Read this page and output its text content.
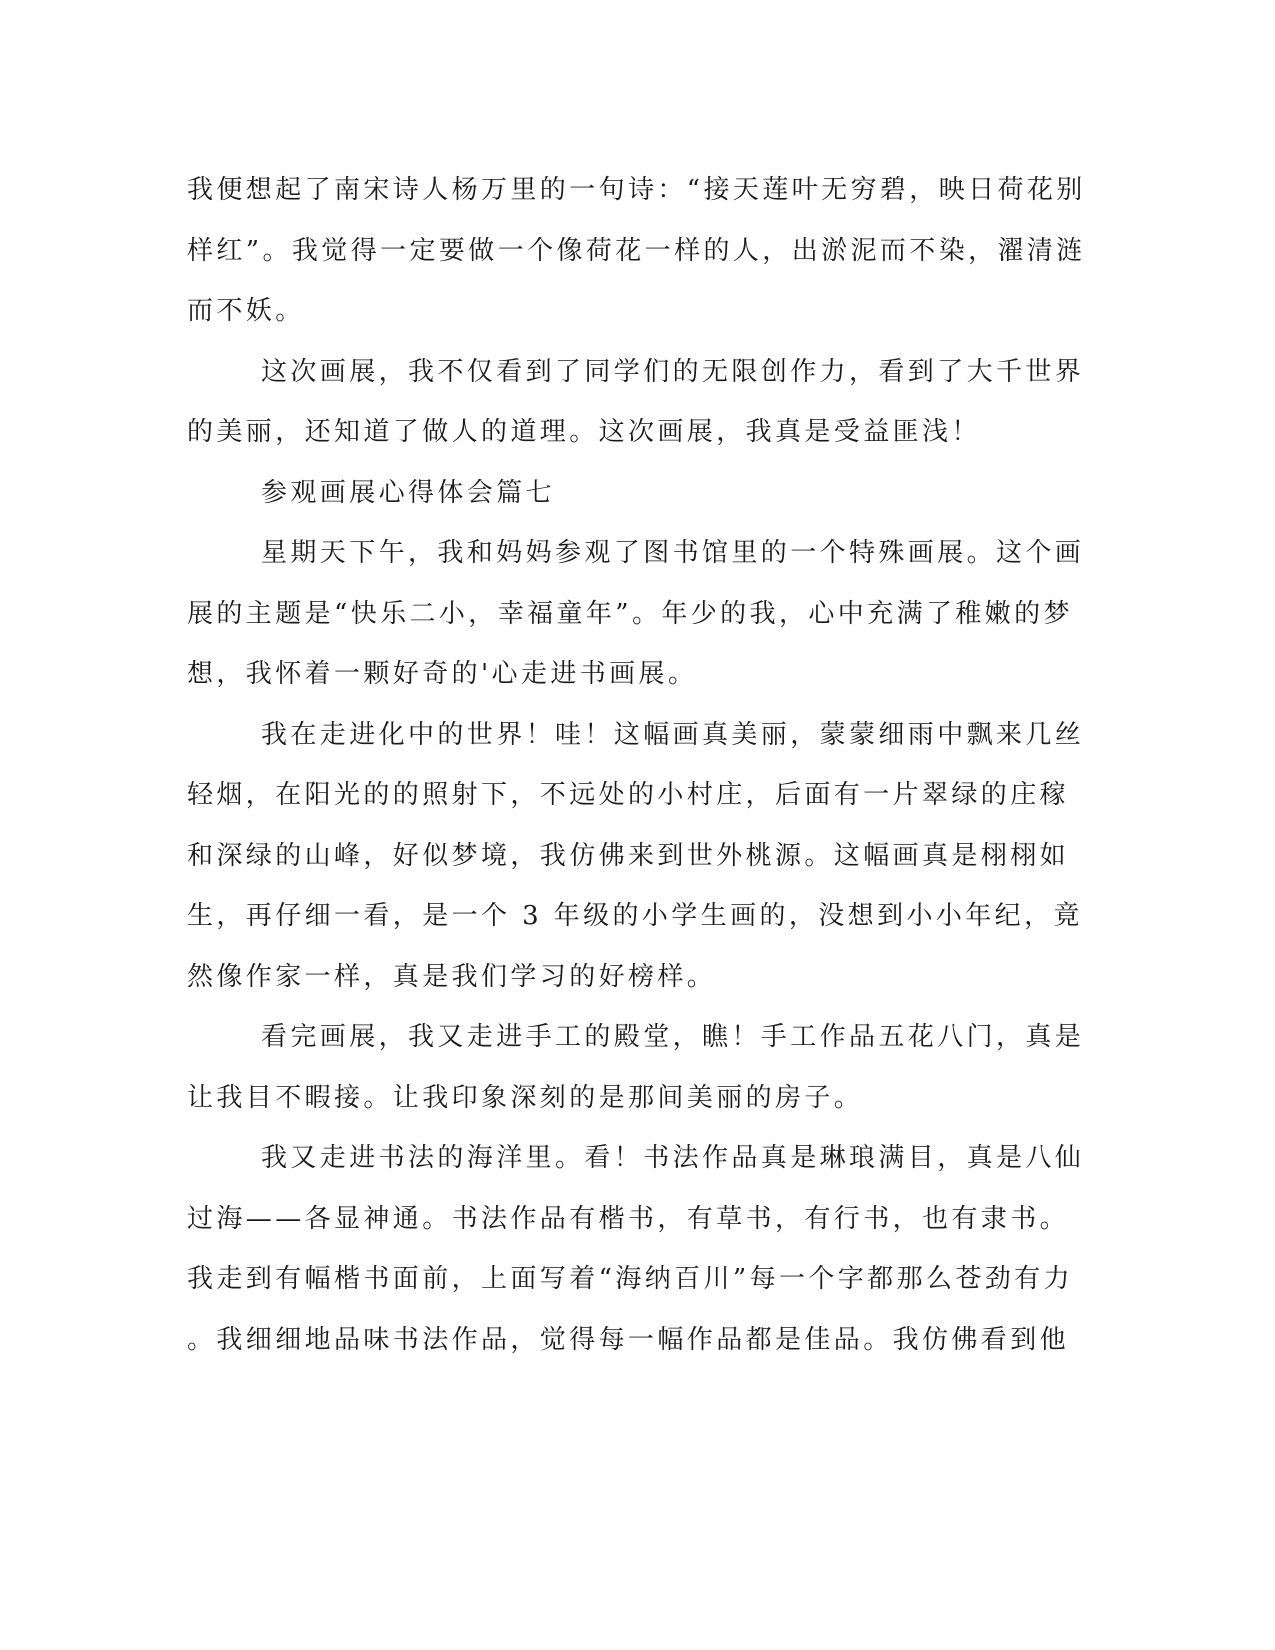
我便想起了南宋诗人杨万里的一句诗：“接天莲叶无穷碧，映日荷花别
样红”。我觉得一定要做一个像荷花一样的人，出淤泥而不染，濯清涟
而不妖。
这次画展，我不仅看到了同学们的无限创作力，看到了大千世界
的美丽，还知道了做人的道理。这次画展，我真是受益匪浅！
参观画展心得体会篇七
星期天下午，我和妈妈参观了图书馆里的一个特殊画展。这个画
展的主题是“快乐二小，幸福童年”。年少的我，心中充满了稚嫩的梦
想，我怀着一颗好奇的'心走进书画展。
我在走进化中的世界！哇！这幅画真美丽，蒙蒙细雨中飘来几丝
轻烟，在阳光的的照射下，不远处的小村庄，后面有一片翠绿的庄稼
和深绿的山峰，好似梦境，我仿佛来到世外桃源。这幅画真是栩栩如
生，再仔细一看，是一个 3 年级的小学生画的，没想到小小年纪，竟
然像作家一样，真是我们学习的好榜样。
看完画展，我又走进手工的殿堂，瞧！手工作品五花八门，真是
让我目不暇接。让我印象深刻的是那间美丽的房子。
我又走进书法的海洋里。看！书法作品真是琳琅满目，真是八仙
过海——各显神通。书法作品有楷书，有草书，有行书，也有隶书。
我走到有幅楷书面前，上面写着“海纳百川”每一个字都那么苍劲有力
。我细细地品味书法作品，觉得每一幅作品都是佳品。我仿佛看到他
